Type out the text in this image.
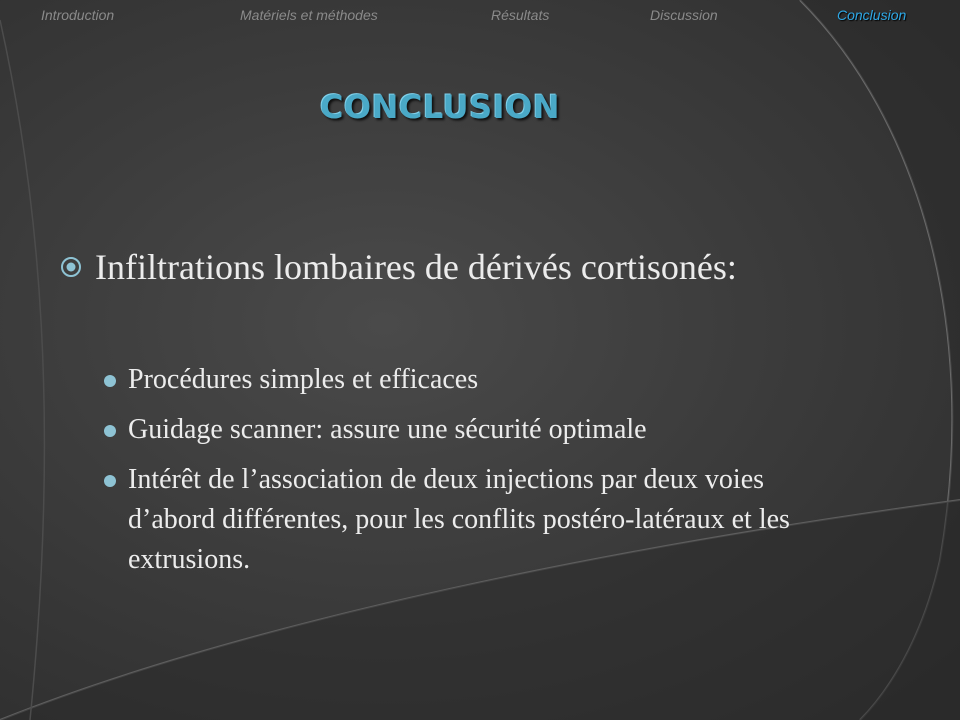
Introduction	Matériels et méthodes	Résultats	Discussion	Conclusion
CONCLUSION
Infiltrations lombaires de dérivés cortisonés:
Procédures simples et efficaces
Guidage scanner: assure une sécurité optimale
Intérêt de l’association de deux injections par deux voies d’abord différentes, pour les conflits postéro-latéraux et les extrusions.
